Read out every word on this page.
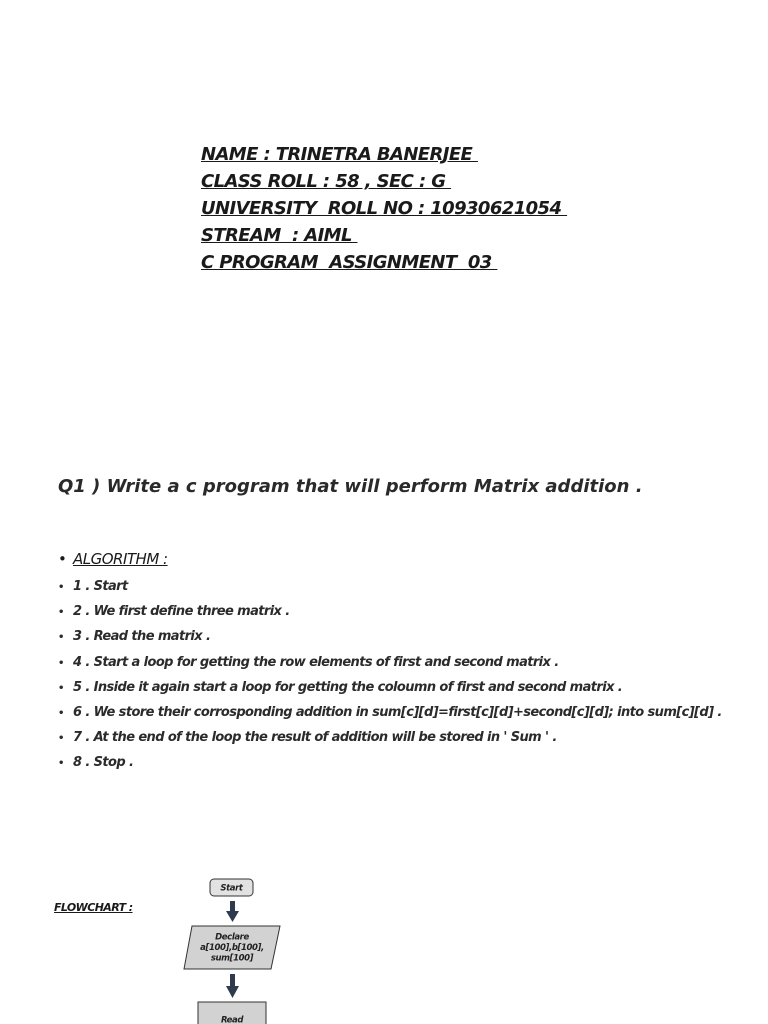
NAME : TRINETRA BANERJEE
CLASS ROLL : 58 , SEC : G
UNIVERSITY  ROLL NO : 10930621054
STREAM  : AIML
C PROGRAM  ASSIGNMENT  03
Q1 ) Write a c program that will perform Matrix addition .
• ALGORITHM :
• 1 . Start
• 2 . We first define three matrix .
• 3 . Read the matrix .
• 4 . Start a loop for getting the row elements of first and second matrix .
• 5 . Inside it again start a loop for getting the coloumn of first and second matrix .
• 6 . We store their corrosponding addition in sum[c][d]=first[c][d]+second[c][d]; into sum[c][d] .
• 7 . At the end of the loop the result of addition will be stored in ' Sum ' .
• 8 . Stop .
FLOWCHART :
Start
Declare
a[100],b[100],
sum[100]
Read
